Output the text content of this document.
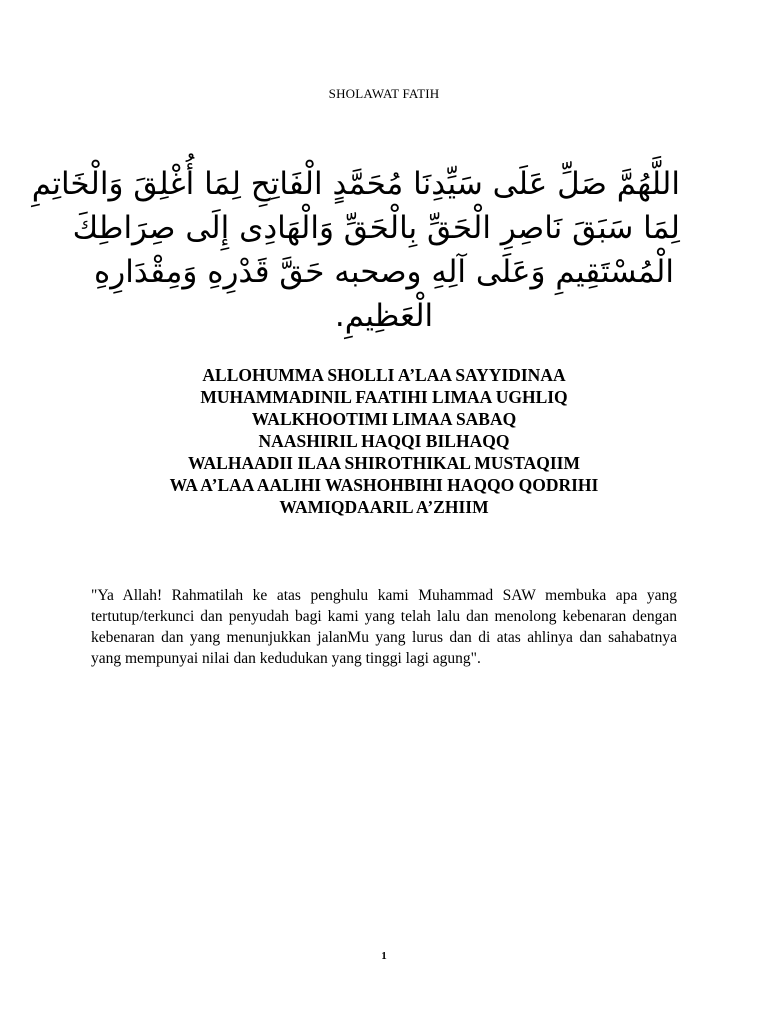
SHOLAWAT FATIH
اللَّهُمَّ صَلِّ عَلَى سَيِّدِنَا مُحَمَّدٍ الْفَاتِحِ لِمَا أُغْلِقَ وَالْخَاتِمِ
لِمَا سَبَقَ نَاصِرِ الْحَقِّ بِالْحَقِّ وَالْهَادِى إِلَى صِرَاطِكَ
الْمُسْتَقِيمِ وَعَلَى آلِهِ وصحبه حَقَّ قَدْرِهِ وَمِقْدَارِهِ
الْعَظِيمِ.
ALLOHUMMA SHOLLI A’LAA SAYYIDINAA
MUHAMMADINIL FAATIHI LIMAA UGHLIQ
WALKHOOTIMI LIMAA SABAQ
NAASHIRIL HAQQI BILHAQQ
WALHAADII ILAA SHIROTHIKAL MUSTAQIIM
WA A’LAA AALIHI WASHOHBIHI HAQQO QODRIHI
WAMIQDAARIL A’ZHIIM
"Ya Allah! Rahmatilah ke atas penghulu kami Muhammad SAW membuka apa yang tertutup/terkunci dan penyudah bagi kami yang telah lalu dan menolong kebenaran dengan kebenaran dan yang menunjukkan jalanMu yang lurus dan di atas ahlinya dan sahabatnya yang mempunyai nilai dan kedudukan yang tinggi lagi agung".
1
